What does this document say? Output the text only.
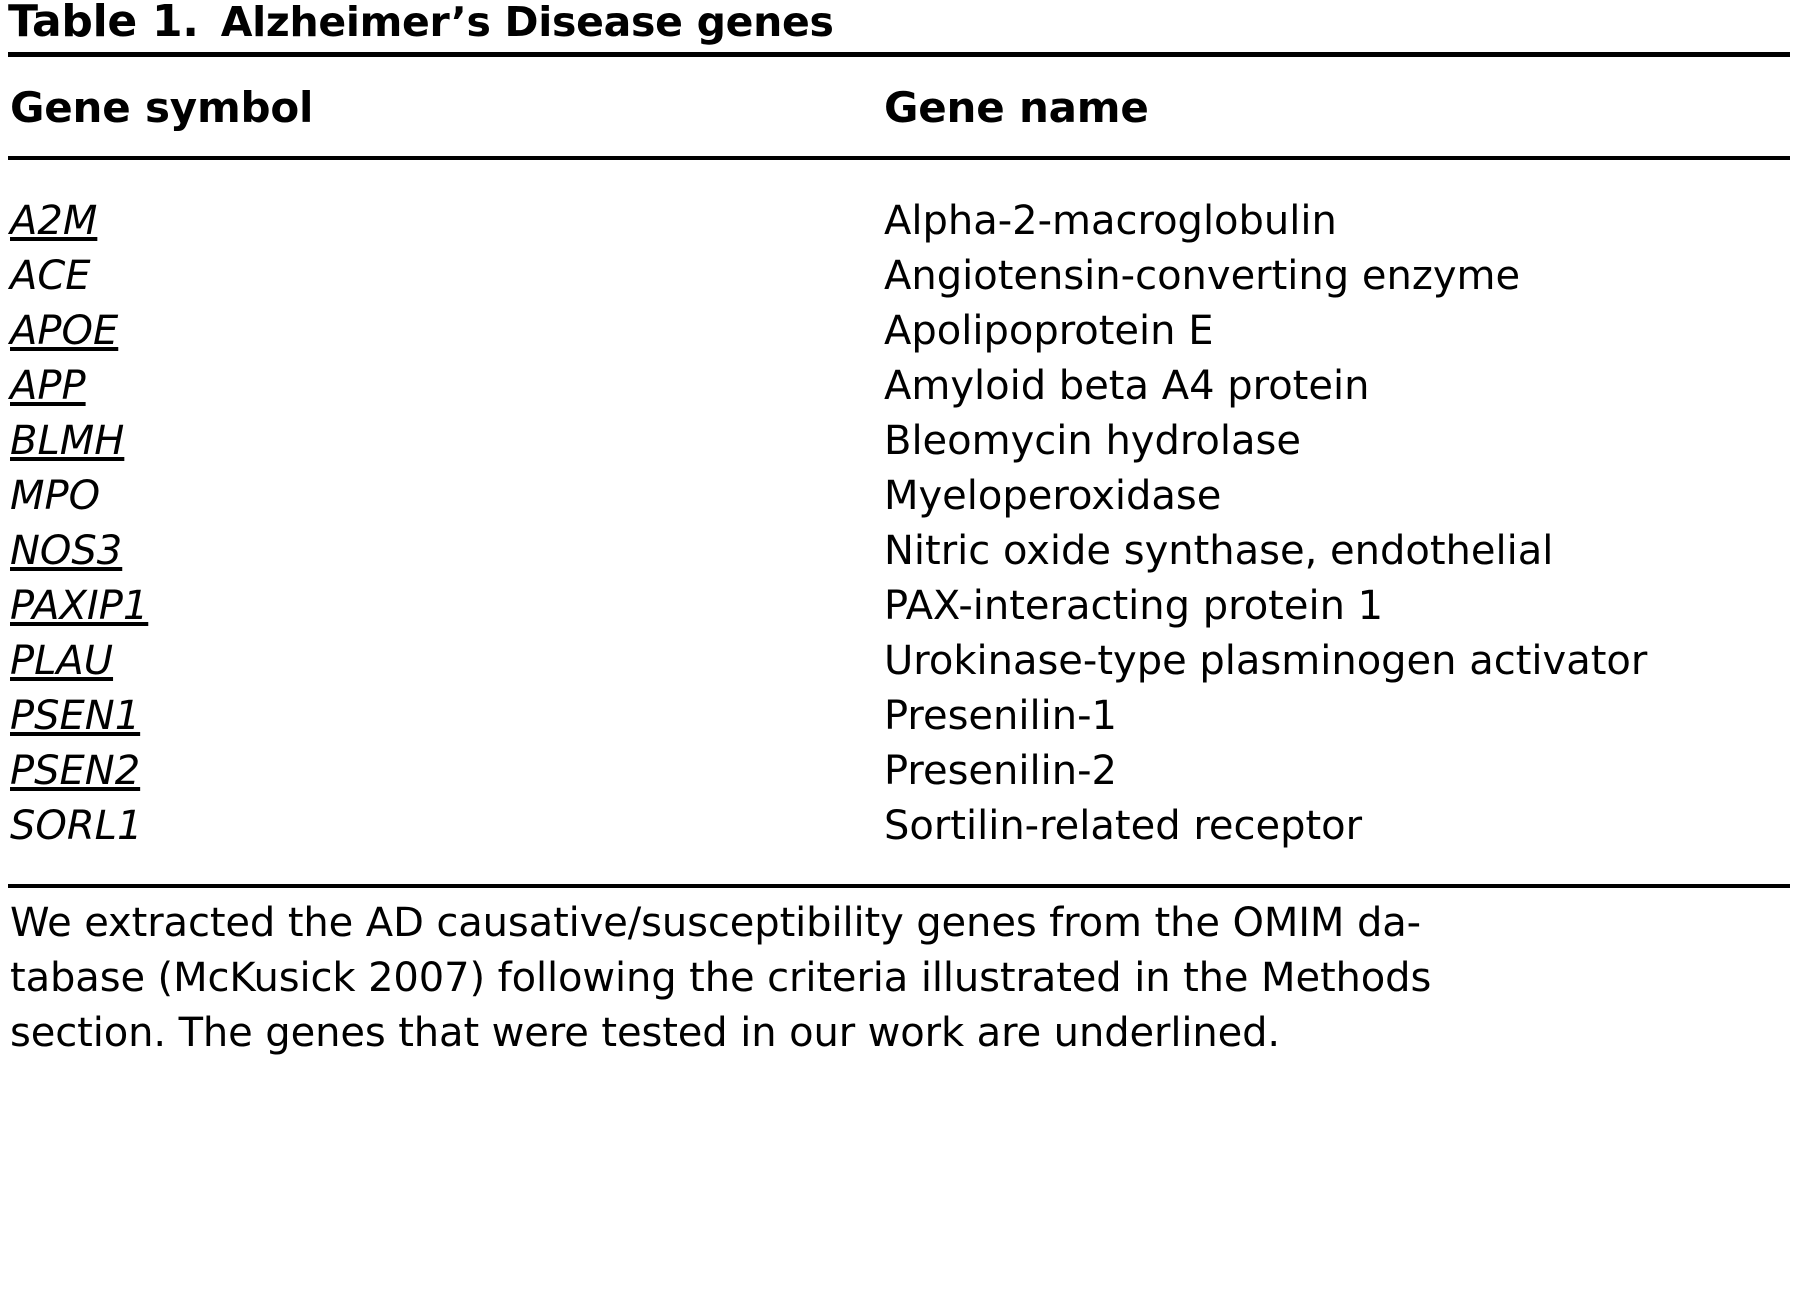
Table 1. Alzheimer’s Disease genes
Gene symbol	Gene name
A2M	Alpha-2-macroglobulin
ACE	Angiotensin-converting enzyme
APOE	Apolipoprotein E
APP	Amyloid beta A4 protein
BLMH	Bleomycin hydrolase
MPO	Myeloperoxidase
NOS3	Nitric oxide synthase, endothelial
PAXIP1	PAX-interacting protein 1
PLAU	Urokinase-type plasminogen activator
PSEN1	Presenilin-1
PSEN2	Presenilin-2
SORL1	Sortilin-related receptor
We extracted the AD causative/susceptibility genes from the OMIM da-
tabase (McKusick 2007) following the criteria illustrated in the Methods
section. The genes that were tested in our work are underlined.
